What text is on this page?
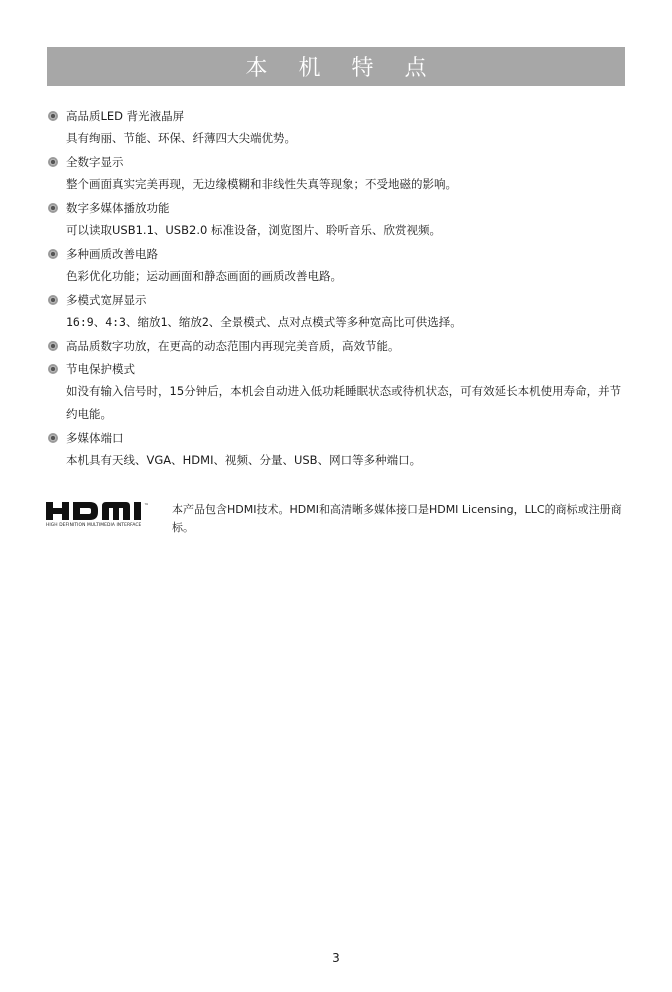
本 机 特 点
高品质LED 背光液晶屏
具有绚丽、节能、环保、纤薄四大尖端优势。
全数字显示
整个画面真实完美再现，无边缘模糊和非线性失真等现象；不受地磁的影响。
数字多媒体播放功能
可以读取USB1.1、USB2.0 标准设备，浏览图片、聆听音乐、欣赏视频。
多种画质改善电路
色彩优化功能；运动画面和静态画面的画质改善电路。
多模式宽屏显示
16:9、4:3、缩放1、缩放2、全景模式、点对点模式等多种宽高比可供选择。
高品质数字功放，在更高的动态范围内再现完美音质，高效节能。
节电保护模式
如没有输入信号时，15分钟后，本机会自动进入低功耗睡眠状态或待机状态，可有效延长本机使用寿命，并节约电能。
多媒体端口
本机具有天线、VGA、HDMI、视频、分量、USB、网口等多种端口。
™
HIGH DEFINITION MULTIMEDIA INTERFACE
本产品包含HDMI技术。HDMI和高清晰多媒体接口是HDMI Licensing，LLC的商标或注册商标。
3
